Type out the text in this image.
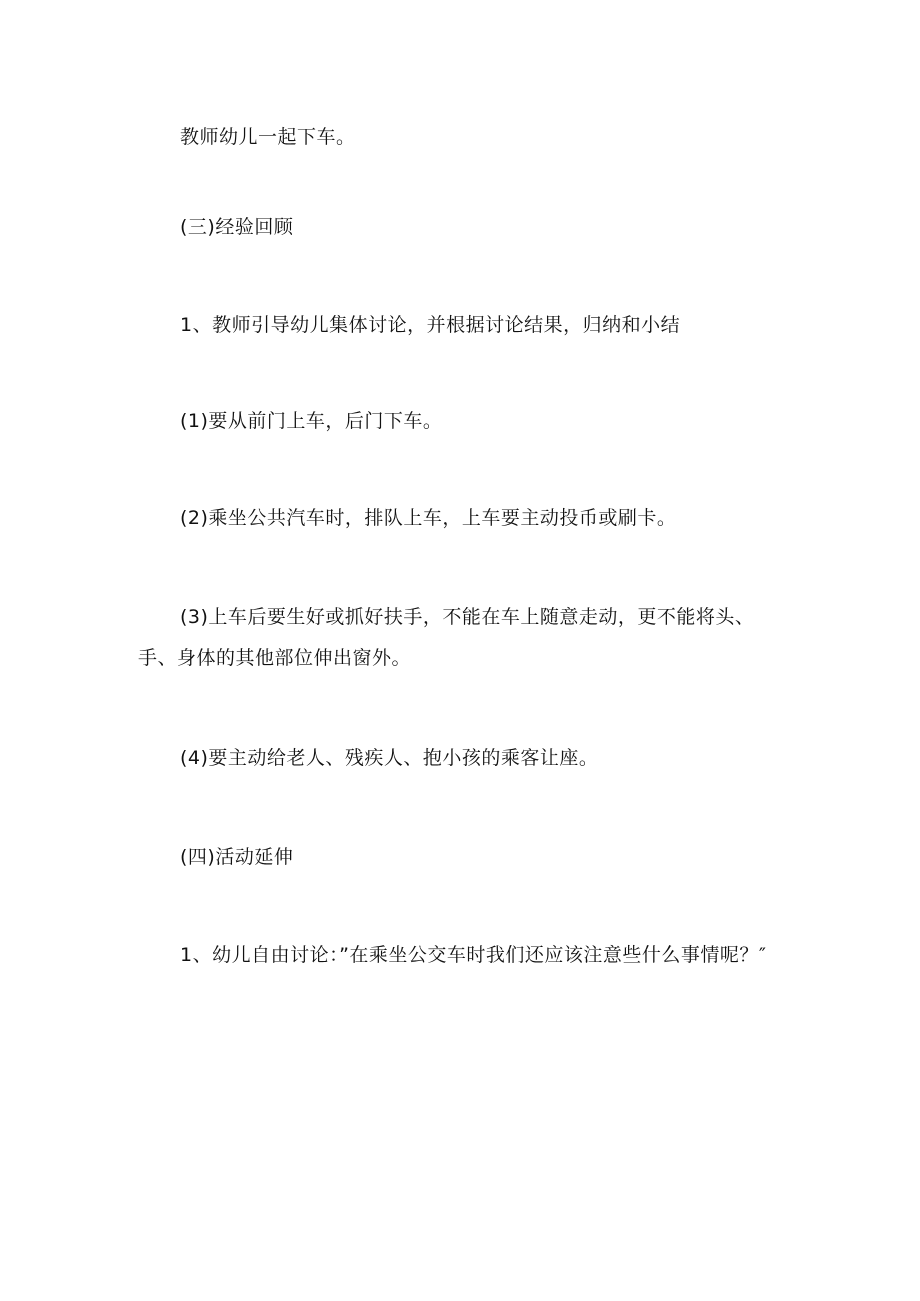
教师幼儿一起下车。
(三)经验回顾
1、教师引导幼儿集体讨论，并根据讨论结果，归纳和小结
(1)要从前门上车，后门下车。
(2)乘坐公共汽车时，排队上车，上车要主动投币或刷卡。
(3)上车后要生好或抓好扶手，不能在车上随意走动，更不能将头、手、身体的其他部位伸出窗外。
(4)要主动给老人、残疾人、抱小孩的乘客让座。
(四)活动延伸
1、幼儿自由讨论：”在乘坐公交车时我们还应该注意些什么事情呢？″
